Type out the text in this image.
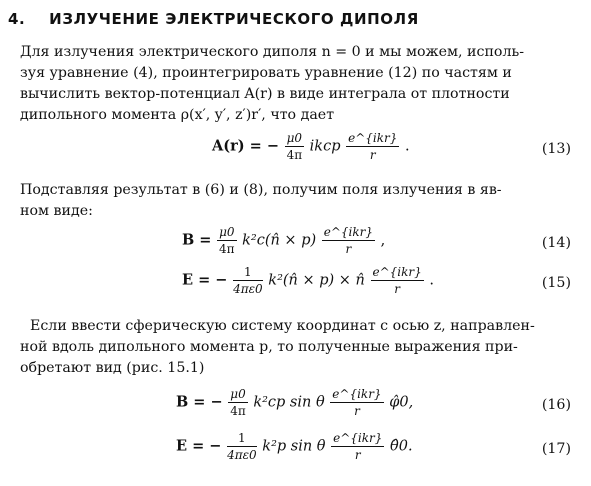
4. ИЗЛУЧЕНИЕ ЭЛЕКТРИЧЕСКОГО ДИПОЛЯ
Для излучения электрического диполя n = 0 и мы можем, исполь-
зуя уравнение (4), проинтегрировать уравнение (12) по частям и
вычислить вектор-потенциал A(r) в виде интеграла от плотности
дипольного момента ρ(x′, y′, z′)r′, что дает
A(r) = − $\frac{\mu 0}{4\pi}$ ikcp $\frac{\text{e\textasciicircum{}\{ikr\}}}{r}$ .	(13)
Подставляя результат в (6) и (8), получим поля излучения в яв-
ном виде:
$B = \frac{\mu 0}{4\pi}$ k²c(n̂ × $p) \frac{\text{e\textasciicircum{}\{ikr\}}}{r}$ ,	(14)
E = − $\frac{1}{4\pi\varepsilon 0}$ k²(n̂ × p) × n̂ $\frac{\text{e\textasciicircum{}\{ikr\}}}{r}$ .	(15)
Если ввести сферическую систему координат с осью z, направлен-
ной вдоль дипольного момента p, то полученные выражения при-
обретают вид (рис. 15.1)
B = − $\frac{\mu 0}{4\pi} k^2cp$ sin θ $\frac{\text{e\textasciicircum{}\{ikr\}}}{r}$ φ̂0,	(16)
E = − $\frac{1}{4\pi\varepsilon 0} k^2p$ sin θ $\frac{\text{e\textasciicircum{}\{ikr\}}}{r}$ θ̂0.	(17)
